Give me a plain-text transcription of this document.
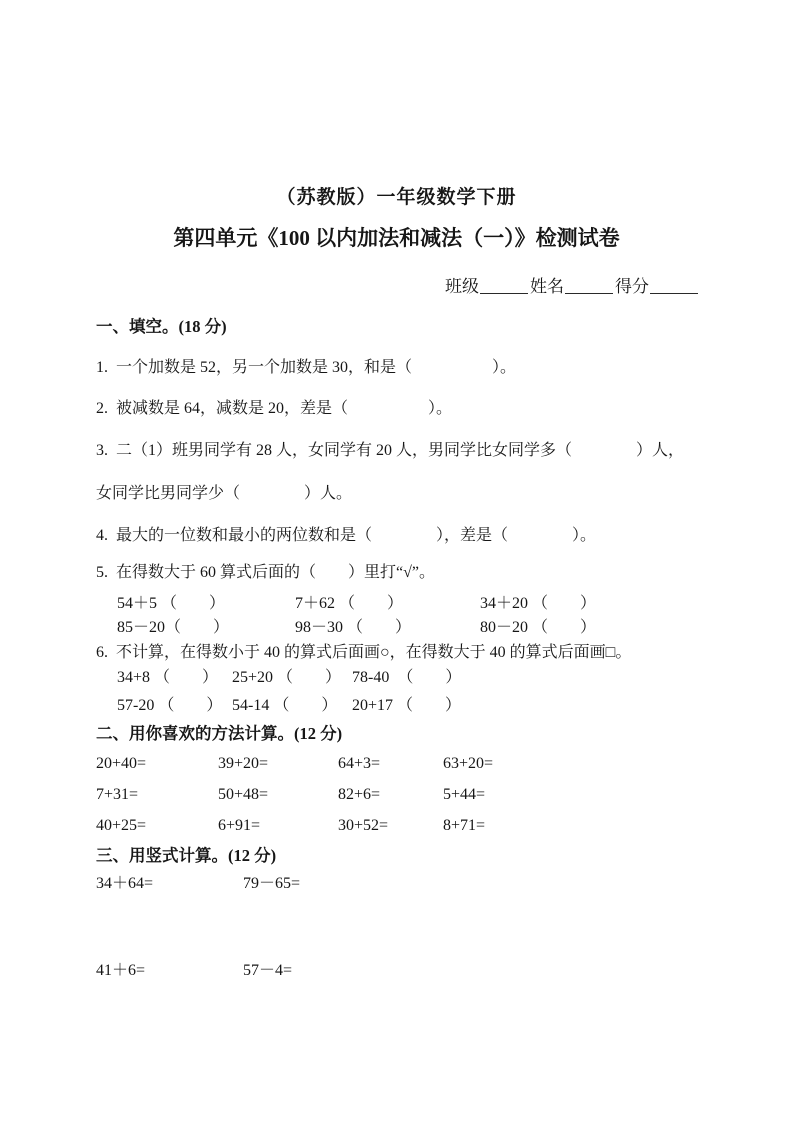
（苏教版）一年级数学下册
第四单元《100 以内加法和减法（一）》检测试卷
班级	姓名	得分
一、填空。(18 分)
1.  一个加数是 52，另一个加数是 30，和是（　　　　　）。
2.  被减数是 64，减数是 20，差是（　　　　　）。
3.  二（1）班男同学有 28 人，女同学有 20 人，男同学比女同学多（　　　　）人，
女同学比男同学少（　　　　）人。
4.  最大的一位数和最小的两位数和是（　　　　），差是（　　　　）。
5.  在得数大于 60 算式后面的（　　）里打“√”。
54＋5 （　　）	7＋62 （　　）	34＋20 （　　）
85－20（　　）	98－30 （　　）	80－20 （　　）
6.  不计算，在得数小于 40 的算式后面画○，在得数大于 40 的算式后面画□。
34+8 （　　） 25+20 （　　） 78-40  （　　）
57-20 （　　） 54-14 （　　） 20+17 （　　）
二、用你喜欢的方法计算。(12 分)
20+40=	39+20=	64+3=	63+20=
7+31=	50+48=	82+6=	5+44=
40+25=	6+91=	30+52=	8+71=
三、用竖式计算。(12 分)
34＋64=	79－65=
41＋6=	57－4=
